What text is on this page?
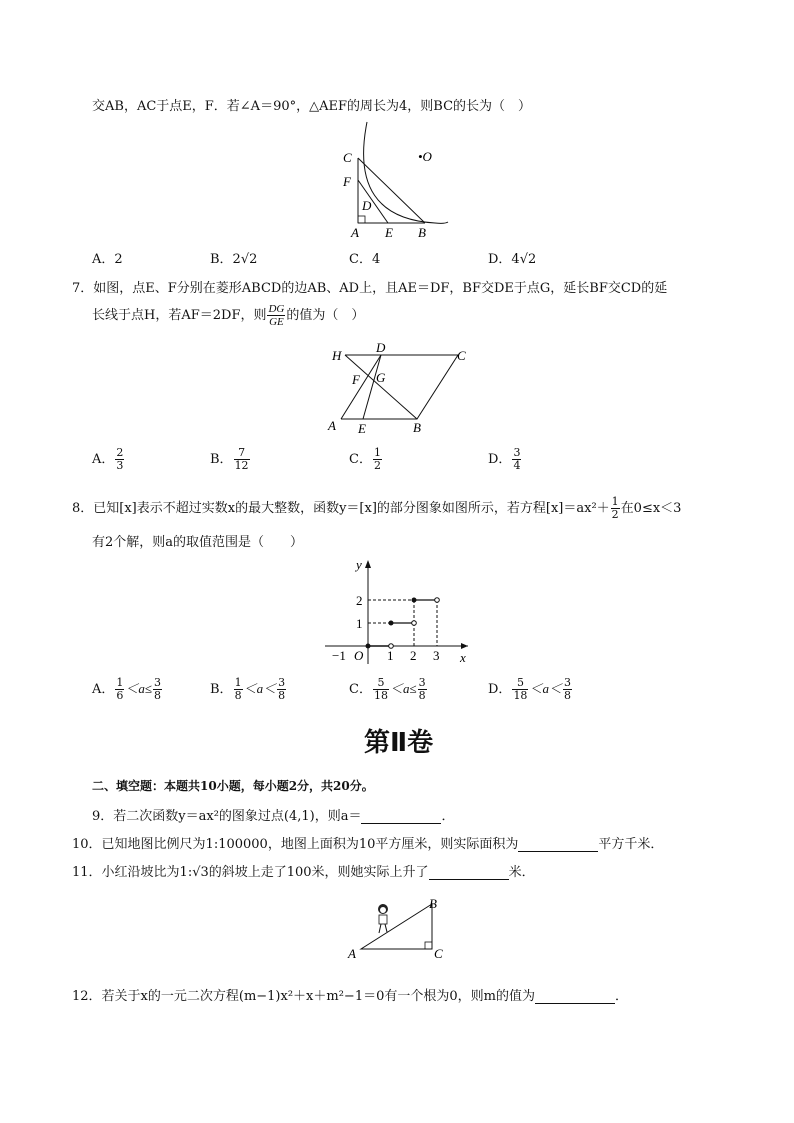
交AB，AC于点E，F．若∠A＝90°，△AEF的周长为4，则BC的长为（　）
C	•O
F
D
A E B
A．2	B．2√2	C．4	D．4√2
7．如图，点E、F分别在菱形ABCD的边AB、AD上，且AE＝DF，BF交DE于点G，延长BF交CD的延
长线于点H，若AF＝2DF，则 $\frac{DG}{GE}$ 的值为（　）
H
D
C
F G
A E	B
A． $\frac{2}{3}$	B． $\frac{7}{12}$	C． $\frac{1}{2}$	D． $\frac{3}{4}$
8．已知[x]表示不超过实数x的最大整数，函数y＝[x]的部分图象如图所示，若方程$[x]=ax^2+ \frac{1}{2}$ 在0≤x＜3
有2个解，则a的取值范围是（　　）
y
x
O
−1	1 2 3
1
2
A． $\frac{1}{6} <a\le \frac{3}{8}$	B． $\frac{1}{8} <a< \frac{3}{8}$	C． $\frac{5}{18} <a\le \frac{3}{8}$	D． $\frac{5}{18} <a< \frac{3}{8}$
第Ⅱ卷
二、填空题：本题共10小题，每小题2分，共20分。
9．若二次函数y＝ax²的图象过点(4,1)，则a＝	．
10．已知地图比例尺为1:100000，地图上面积为10平方厘米，则实际面积为	平方千米．
11．小红沿坡比为1:√3的斜坡上走了100米，则她实际上升了	米．
A
B
C
12．若关于x的一元二次方程(m−1)x²＋x＋m²−1＝0有一个根为0，则m的值为	．
